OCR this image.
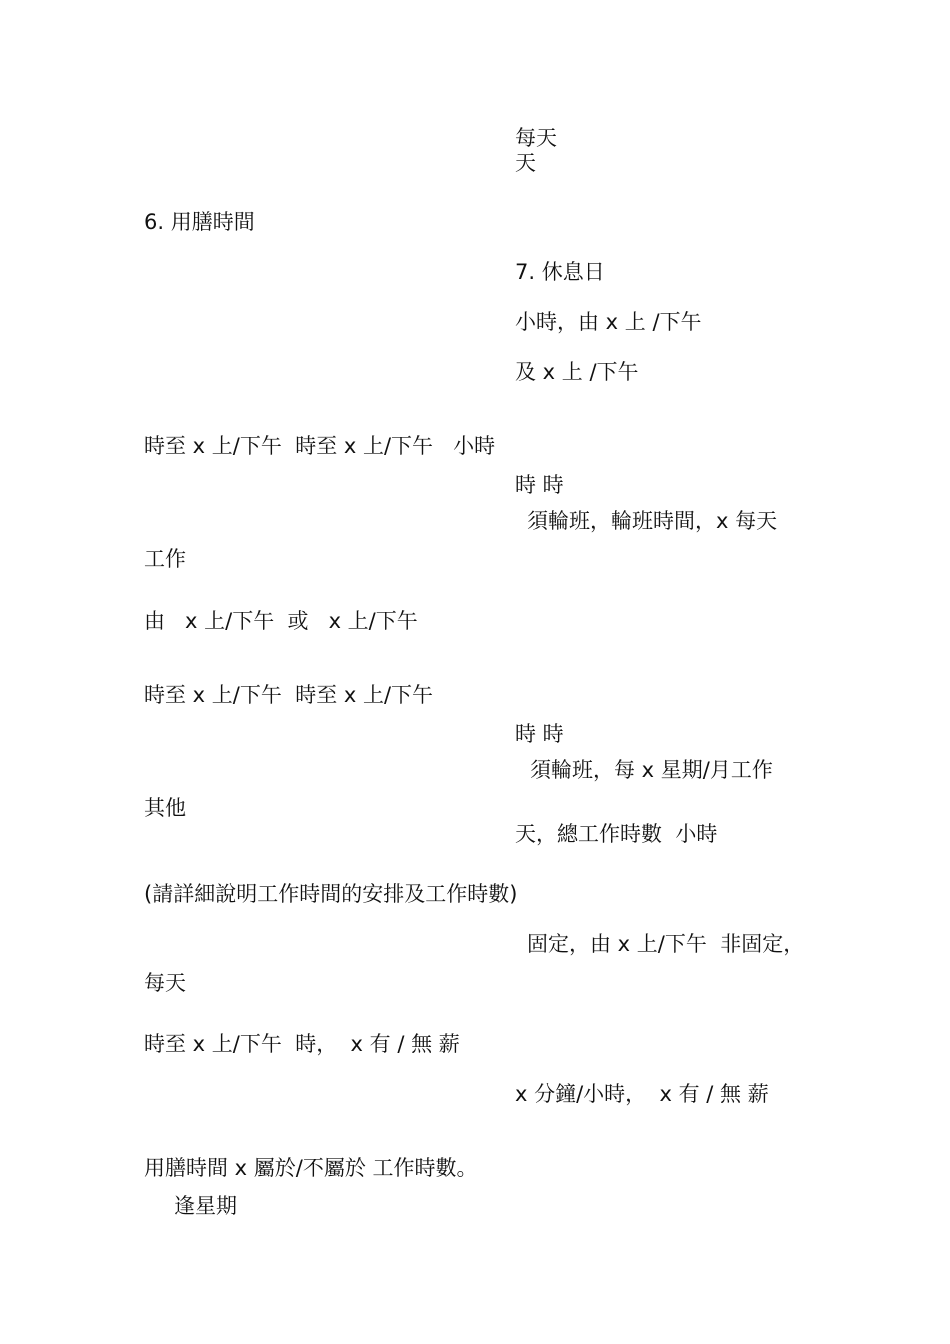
每天
天
6. 用膳時間
7. 休息日
小時，由 x 上 /下午
及 x 上 /下午
時至 x 上/下午  時至 x 上/下午   小時
時 時
須輪班，輪班時間，x 每天
工作
由   x 上/下午  或   x 上/下午
時至 x 上/下午  時至 x 上/下午
時 時
須輪班，每 x 星期/月工作
其他
天，總工作時數  小時
(請詳細說明工作時間的安排及工作時數)
固定，由 x 上/下午  非固定，
每天
時至 x 上/下午  時，  x 有 / 無 薪
x 分鐘/小時，  x 有 / 無 薪
用膳時間 x 屬於/不屬於 工作時數。
逢星期
